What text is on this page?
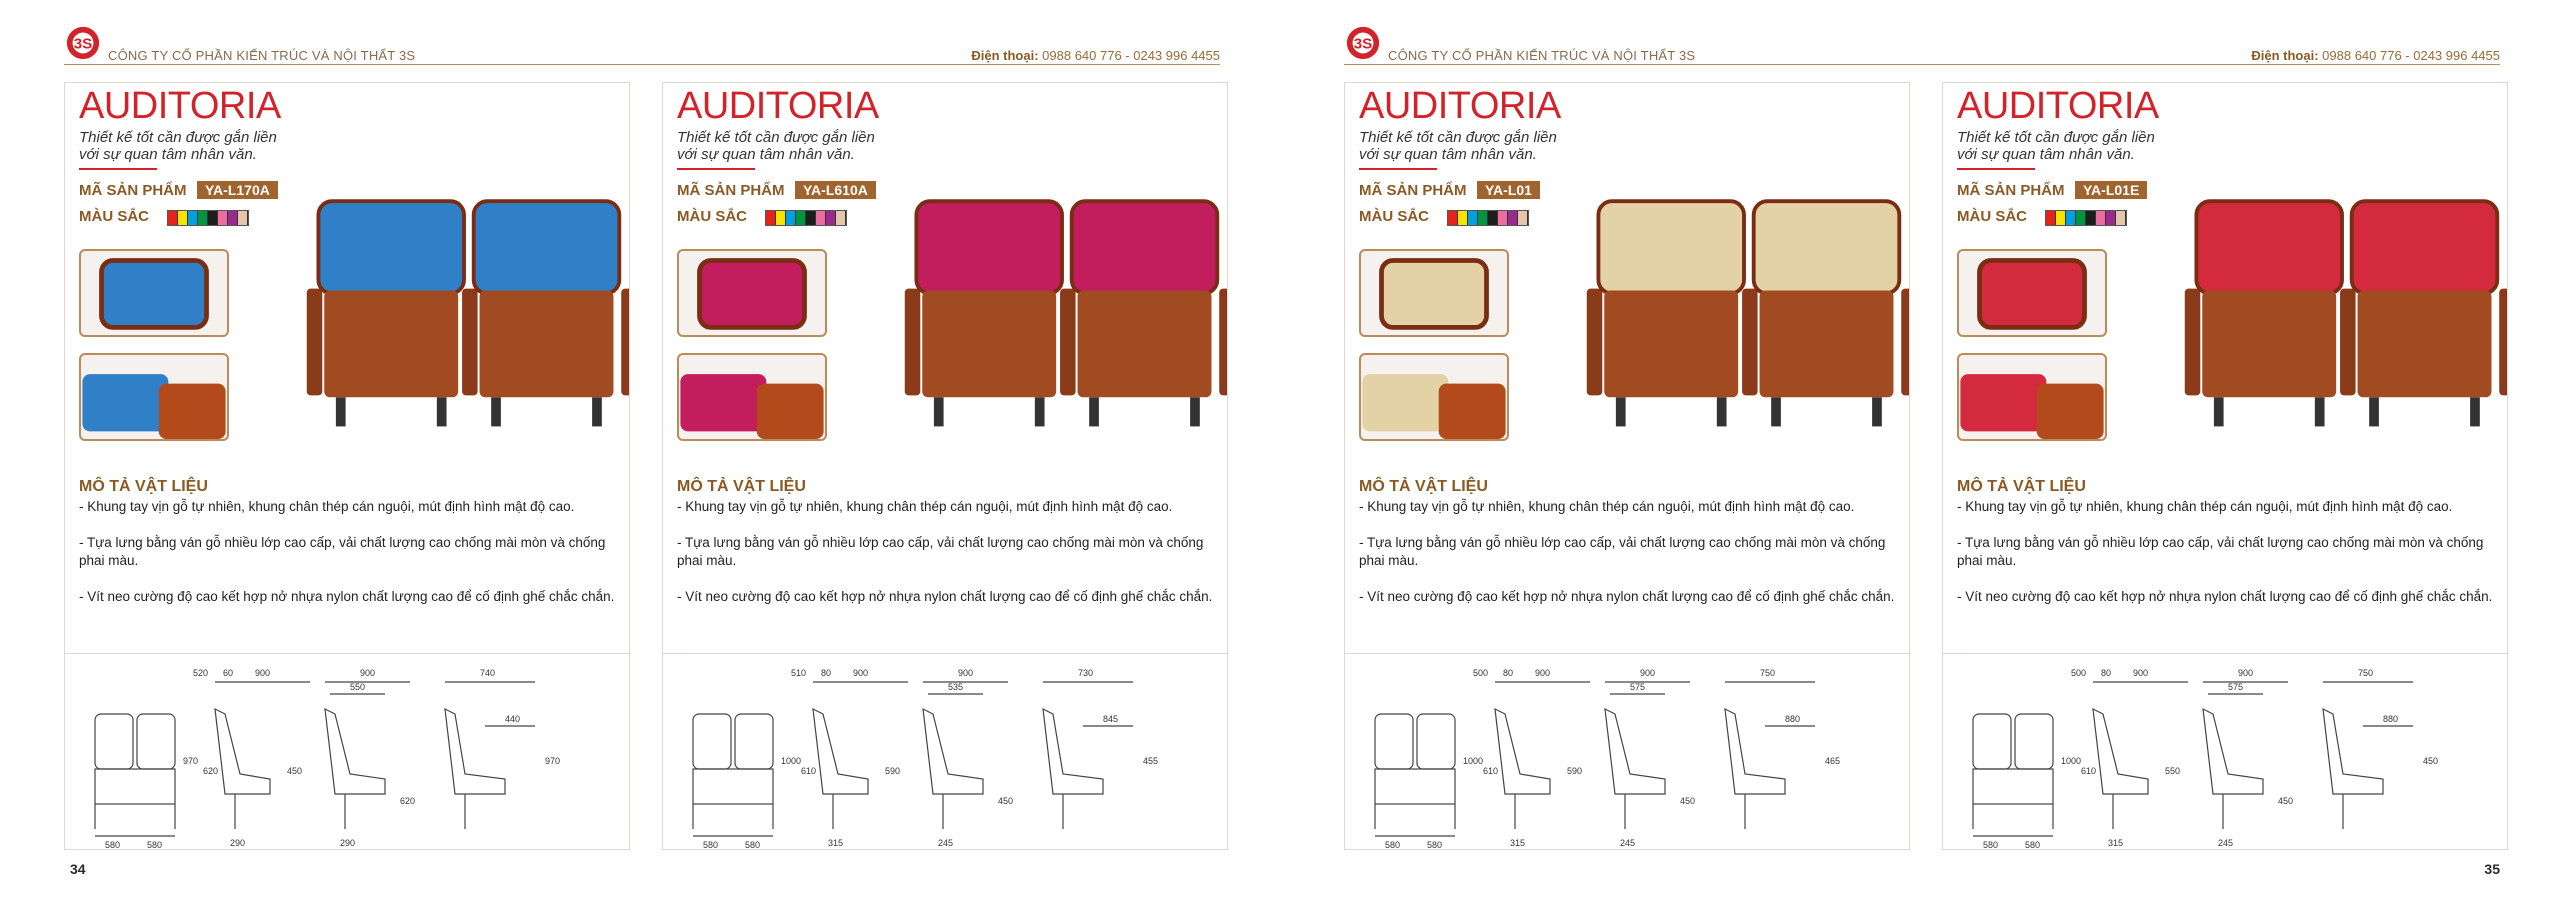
3S
CÔNG TY CỔ PHẦN KIẾN TRÚC VÀ NỘI THẤT 3S	Điện thoại: 0988 640 776 - 0243 996 4455
AUDITORIA
Thiết kế tốt cần được gắn liền
với sự quan tâm nhân văn.
MÃ SẢN PHẨM	YA-L170A
MÀU SẮC
MÔ TẢ VẬT LIỆU

- Khung tay vịn gỗ tự nhiên, khung chân thép cán nguội, mút định hình mật độ cao.

- Tựa lưng bằng ván gỗ nhiều lớp cao cấp, vải chất lượng cao chống mài mòn và chống phai màu.

- Vít neo cường độ cao kết hợp nở nhựa nylon chất lượng cao để cố định ghế chắc chắn.

520 60 900	900	740
550
440
970
970
620	450
620
580	580	290	290
AUDITORIA
Thiết kế tốt cần được gắn liền
với sự quan tâm nhân văn.
MÃ SẢN PHẨM	YA-L610A
MÀU SẮC
MÔ TẢ VẬT LIỆU

- Khung tay vịn gỗ tự nhiên, khung chân thép cán nguội, mút định hình mật độ cao.

- Tựa lưng bằng ván gỗ nhiều lớp cao cấp, vải chất lượng cao chống mài mòn và chống phai màu.

- Vít neo cường độ cao kết hợp nở nhựa nylon chất lượng cao để cố định ghế chắc chắn.

510 80 900	900	730
535
845
455
1000
610	590
450
580	580	315	245
34
3S
CÔNG TY CỔ PHẦN KIẾN TRÚC VÀ NỘI THẤT 3S	Điện thoại: 0988 640 776 - 0243 996 4455
AUDITORIA
Thiết kế tốt cần được gắn liền
với sự quan tâm nhân văn.
MÃ SẢN PHẨM	YA-L01
MÀU SẮC
MÔ TẢ VẬT LIỆU

- Khung tay vịn gỗ tự nhiên, khung chân thép cán nguội, mút định hình mật độ cao.

- Tựa lưng bằng ván gỗ nhiều lớp cao cấp, vải chất lượng cao chống mài mòn và chống phai màu.

- Vít neo cường độ cao kết hợp nở nhựa nylon chất lượng cao để cố định ghế chắc chắn.

500 80 900	900	750
575
880
465
1000
610	590
450
580	580	315	245
AUDITORIA
Thiết kế tốt cần được gắn liền
với sự quan tâm nhân văn.
MÃ SẢN PHẨM	YA-L01E
MÀU SẮC
MÔ TẢ VẬT LIỆU

- Khung tay vịn gỗ tự nhiên, khung chân thép cán nguội, mút định hình mật độ cao.

- Tựa lưng bằng ván gỗ nhiều lớp cao cấp, vải chất lượng cao chống mài mòn và chống phai màu.

- Vít neo cường độ cao kết hợp nở nhựa nylon chất lượng cao để cố định ghế chắc chắn.

500 80 900	900	750
575
880
450
1000
610	550
450
580	580	315	245
35
